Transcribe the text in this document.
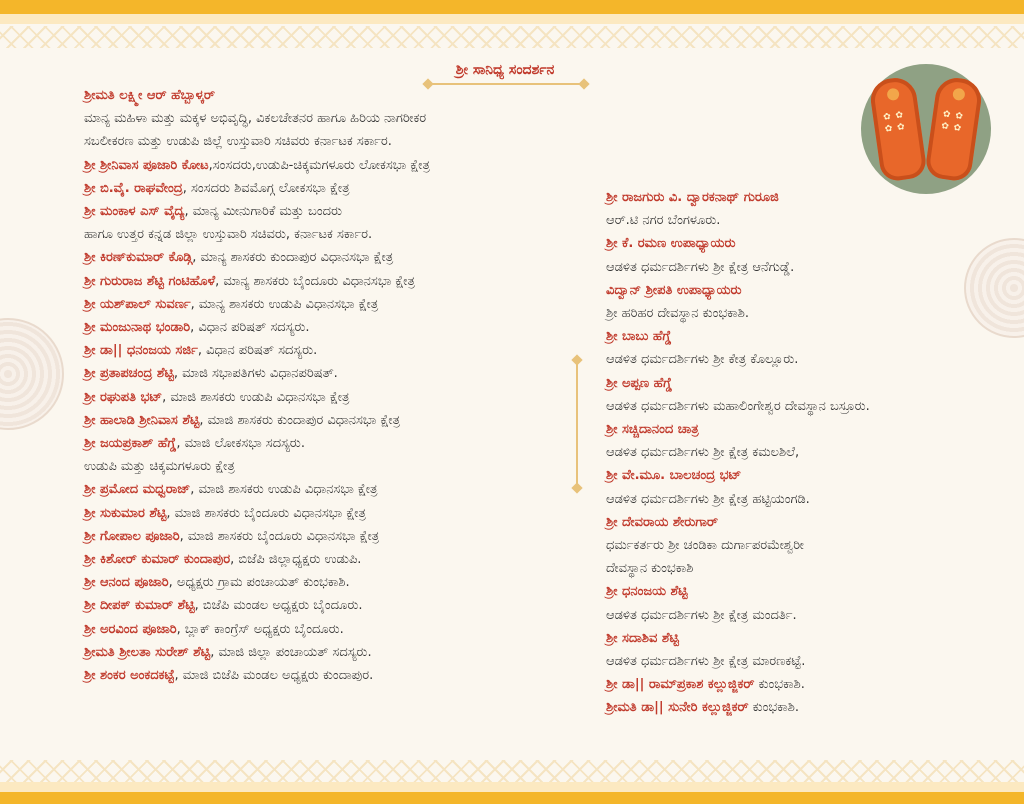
ಶ್ರೀ ಸಾನಿಧ್ಯ ಸಂದರ್ಶನ
✿ ✿
✿ ✿
✿ ✿
✿ ✿
ಶ್ರೀಮತಿ ಲಕ್ಷ್ಮೀ ಆರ್ ಹೆಬ್ಬಾಳ್ಕರ್
ಮಾನ್ಯ ಮಹಿಳಾ ಮತ್ತು ಮಕ್ಕಳ ಅಭಿವೃದ್ಧಿ, ವಿಕಲಚೇತನರ ಹಾಗೂ ಹಿರಿಯ ನಾಗರೀಕರ
ಸಬಲೀಕರಣ ಮತ್ತು ಉಡುಪಿ ಜಿಲ್ಲೆ ಉಸ್ತುವಾರಿ ಸಚಿವರು ಕರ್ನಾಟಕ ಸರ್ಕಾರ.
ಶ್ರೀ ಶ್ರೀನಿವಾಸ ಪೂಜಾರಿ ಕೋಟ,ಸಂಸದರು,ಉಡುಪಿ-ಚಿಕ್ಕಮಗಳೂರು ಲೋಕಸಭಾ ಕ್ಷೇತ್ರ
ಶ್ರೀ ಬಿ.ವೈ. ರಾಘವೇಂದ್ರ, ಸಂಸದರು ಶಿವಮೊಗ್ಗ ಲೋಕಸಭಾ ಕ್ಷೇತ್ರ
ಶ್ರೀ ಮಂಕಾಳ ಎಸ್ ವೈದ್ಯ, ಮಾನ್ಯ ಮೀನುಗಾರಿಕೆ ಮತ್ತು ಬಂದರು
ಹಾಗೂ ಉತ್ತರ ಕನ್ನಡ ಜಿಲ್ಲಾ ಉಸ್ತುವಾರಿ ಸಚಿವರು, ಕರ್ನಾಟಕ ಸರ್ಕಾರ.
ಶ್ರೀ ಕಿರಣ್‌ಕುಮಾರ್ ಕೊಡ್ಗಿ, ಮಾನ್ಯ ಶಾಸಕರು ಕುಂದಾಪುರ ವಿಧಾನಸಭಾ ಕ್ಷೇತ್ರ
ಶ್ರೀ ಗುರುರಾಜ ಶೆಟ್ಟಿ ಗಂಟಿಹೊಳೆ, ಮಾನ್ಯ ಶಾಸಕರು ಬೈಂದೂರು ವಿಧಾನಸಭಾ ಕ್ಷೇತ್ರ
ಶ್ರೀ ಯಶ್‌ಪಾಲ್ ಸುವರ್ಣ, ಮಾನ್ಯ ಶಾಸಕರು ಉಡುಪಿ ವಿಧಾನಸಭಾ ಕ್ಷೇತ್ರ
ಶ್ರೀ ಮಂಜುನಾಥ ಭಂಡಾರಿ, ವಿಧಾನ ಪರಿಷತ್ ಸದಸ್ಯರು.
ಶ್ರೀ ಡಾ|| ಧನಂಜಯ ಸರ್ಜಿ, ವಿಧಾನ ಪರಿಷತ್ ಸದಸ್ಯರು.
ಶ್ರೀ ಪ್ರತಾಪಚಂದ್ರ ಶೆಟ್ಟಿ, ಮಾಜಿ ಸಭಾಪತಿಗಳು ವಿಧಾನಪರಿಷತ್.
ಶ್ರೀ ರಘುಪತಿ ಭಟ್, ಮಾಜಿ ಶಾಸಕರು ಉಡುಪಿ ವಿಧಾನಸಭಾ ಕ್ಷೇತ್ರ
ಶ್ರೀ ಹಾಲಾಡಿ ಶ್ರೀನಿವಾಸ ಶೆಟ್ಟಿ, ಮಾಜಿ ಶಾಸಕರು ಕುಂದಾಪುರ ವಿಧಾನಸಭಾ ಕ್ಷೇತ್ರ
ಶ್ರೀ ಜಯಪ್ರಕಾಶ್ ಹೆಗ್ಡೆ, ಮಾಜಿ ಲೋಕಸಭಾ ಸದಸ್ಯರು.
ಉಡುಪಿ ಮತ್ತು ಚಿಕ್ಕಮಗಳೂರು ಕ್ಷೇತ್ರ
ಶ್ರೀ ಪ್ರಮೋದ ಮಧ್ವರಾಜ್, ಮಾಜಿ ಶಾಸಕರು ಉಡುಪಿ ವಿಧಾನಸಭಾ ಕ್ಷೇತ್ರ
ಶ್ರೀ ಸುಕುಮಾರ ಶೆಟ್ಟಿ, ಮಾಜಿ ಶಾಸಕರು ಬೈಂದೂರು ವಿಧಾನಸಭಾ ಕ್ಷೇತ್ರ
ಶ್ರೀ ಗೋಪಾಲ ಪೂಜಾರಿ, ಮಾಜಿ ಶಾಸಕರು ಬೈಂದೂರು ವಿಧಾನಸಭಾ ಕ್ಷೇತ್ರ
ಶ್ರೀ ಕಿಶೋರ್ ಕುಮಾರ್ ಕುಂದಾಪುರ, ಬಿಜೆಪಿ ಜಿಲ್ಲಾಧ್ಯಕ್ಷರು ಉಡುಪಿ.
ಶ್ರೀ ಆನಂದ ಪೂಜಾರಿ, ಅಧ್ಯಕ್ಷರು ಗ್ರಾಮ ಪಂಚಾಯತ್ ಕುಂಭಕಾಶಿ.
ಶ್ರೀ ದೀಪಕ್ ಕುಮಾರ್ ಶೆಟ್ಟಿ, ಬಿಜೆಪಿ ಮಂಡಲ ಅಧ್ಯಕ್ಷರು ಬೈಂದೂರು.
ಶ್ರೀ ಅರವಿಂದ ಪೂಜಾರಿ, ಬ್ಲಾಕ್ ಕಾಂಗ್ರೆಸ್ ಅಧ್ಯಕ್ಷರು ಬೈಂದೂರು.
ಶ್ರೀಮತಿ ಶ್ರೀಲತಾ ಸುರೇಶ್ ಶೆಟ್ಟಿ, ಮಾಜಿ ಜಿಲ್ಲಾ ಪಂಚಾಯತ್ ಸದಸ್ಯರು.
ಶ್ರೀ ಶಂಕರ ಅಂಕದಕಟ್ಟೆ, ಮಾಜಿ ಬಿಜೆಪಿ ಮಂಡಲ ಅಧ್ಯಕ್ಷರು ಕುಂದಾಪುರ.
ಶ್ರೀ ರಾಜಗುರು ವಿ. ದ್ವಾರಕನಾಥ್ ಗುರೂಜಿ
ಆರ್.ಟಿ ನಗರ ಬೆಂಗಳೂರು.
ಶ್ರೀ ಕೆ. ರಮಣ ಉಪಾಧ್ಯಾಯರು
ಆಡಳಿತ ಧರ್ಮದರ್ಶಿಗಳು ಶ್ರೀ ಕ್ಷೇತ್ರ ಆನೆಗುಡ್ಡೆ.
ವಿದ್ವಾನ್ ಶ್ರೀಪತಿ ಉಪಾಧ್ಯಾಯರು
ಶ್ರೀ ಹರಿಹರ ದೇವಸ್ಥಾನ ಕುಂಭಕಾಶಿ.
ಶ್ರೀ ಬಾಬು ಹೆಗ್ಡೆ
ಆಡಳಿತ ಧರ್ಮದರ್ಶಿಗಳು ಶ್ರೀ ಕೇತ್ರ ಕೊಲ್ಲೂರು.
ಶ್ರೀ ಅಪ್ಪಣ ಹೆಗ್ಡೆ
ಆಡಳಿತ ಧರ್ಮದರ್ಶಿಗಳು ಮಹಾಲಿಂಗೇಶ್ವರ ದೇವಸ್ಥಾನ ಬಸ್ರೂರು.
ಶ್ರೀ ಸಚ್ಚಿದಾನಂದ ಚಾತ್ರ
ಆಡಳಿತ ಧರ್ಮದರ್ಶಿಗಳು ಶ್ರೀ ಕ್ಷೇತ್ರ ಕಮಲಶಿಲೆ,
ಶ್ರೀ ವೇ.ಮೂ. ಬಾಲಚಂದ್ರ ಭಟ್
ಆಡಳಿತ ಧರ್ಮದರ್ಶಿಗಳು ಶ್ರೀ ಕ್ಷೇತ್ರ ಹಟ್ಟಿಯಂಗಡಿ.
ಶ್ರೀ ದೇವರಾಯ ಶೇರುಗಾರ್
ಧರ್ಮಕರ್ತರು ಶ್ರೀ ಚಂಡಿಕಾ ದುರ್ಗಾಪರಮೇಶ್ವರೀ
ದೇವಸ್ಥಾನ ಕುಂಭಕಾಶಿ
ಶ್ರೀ ಧನಂಜಯ ಶೆಟ್ಟಿ
ಆಡಳಿತ ಧರ್ಮದರ್ಶಿಗಳು ಶ್ರೀ ಕ್ಷೇತ್ರ ಮಂದರ್ತಿ.
ಶ್ರೀ ಸದಾಶಿವ ಶೆಟ್ಟಿ
ಆಡಳಿತ ಧರ್ಮದರ್ಶಿಗಳು ಶ್ರೀ ಕ್ಷೇತ್ರ ಮಾರಣಕಟ್ಟೆ.
ಶ್ರೀ ಡಾ|| ರಾಮ್‌ಪ್ರಕಾಶ ಕಲ್ಲುಜ್ಜಿಕರ್ ಕುಂಭಕಾಶಿ.
ಶ್ರೀಮತಿ ಡಾ|| ಸುನೇರಿ ಕಲ್ಲುಜ್ಜಿಕರ್ ಕುಂಭಕಾಶಿ.
